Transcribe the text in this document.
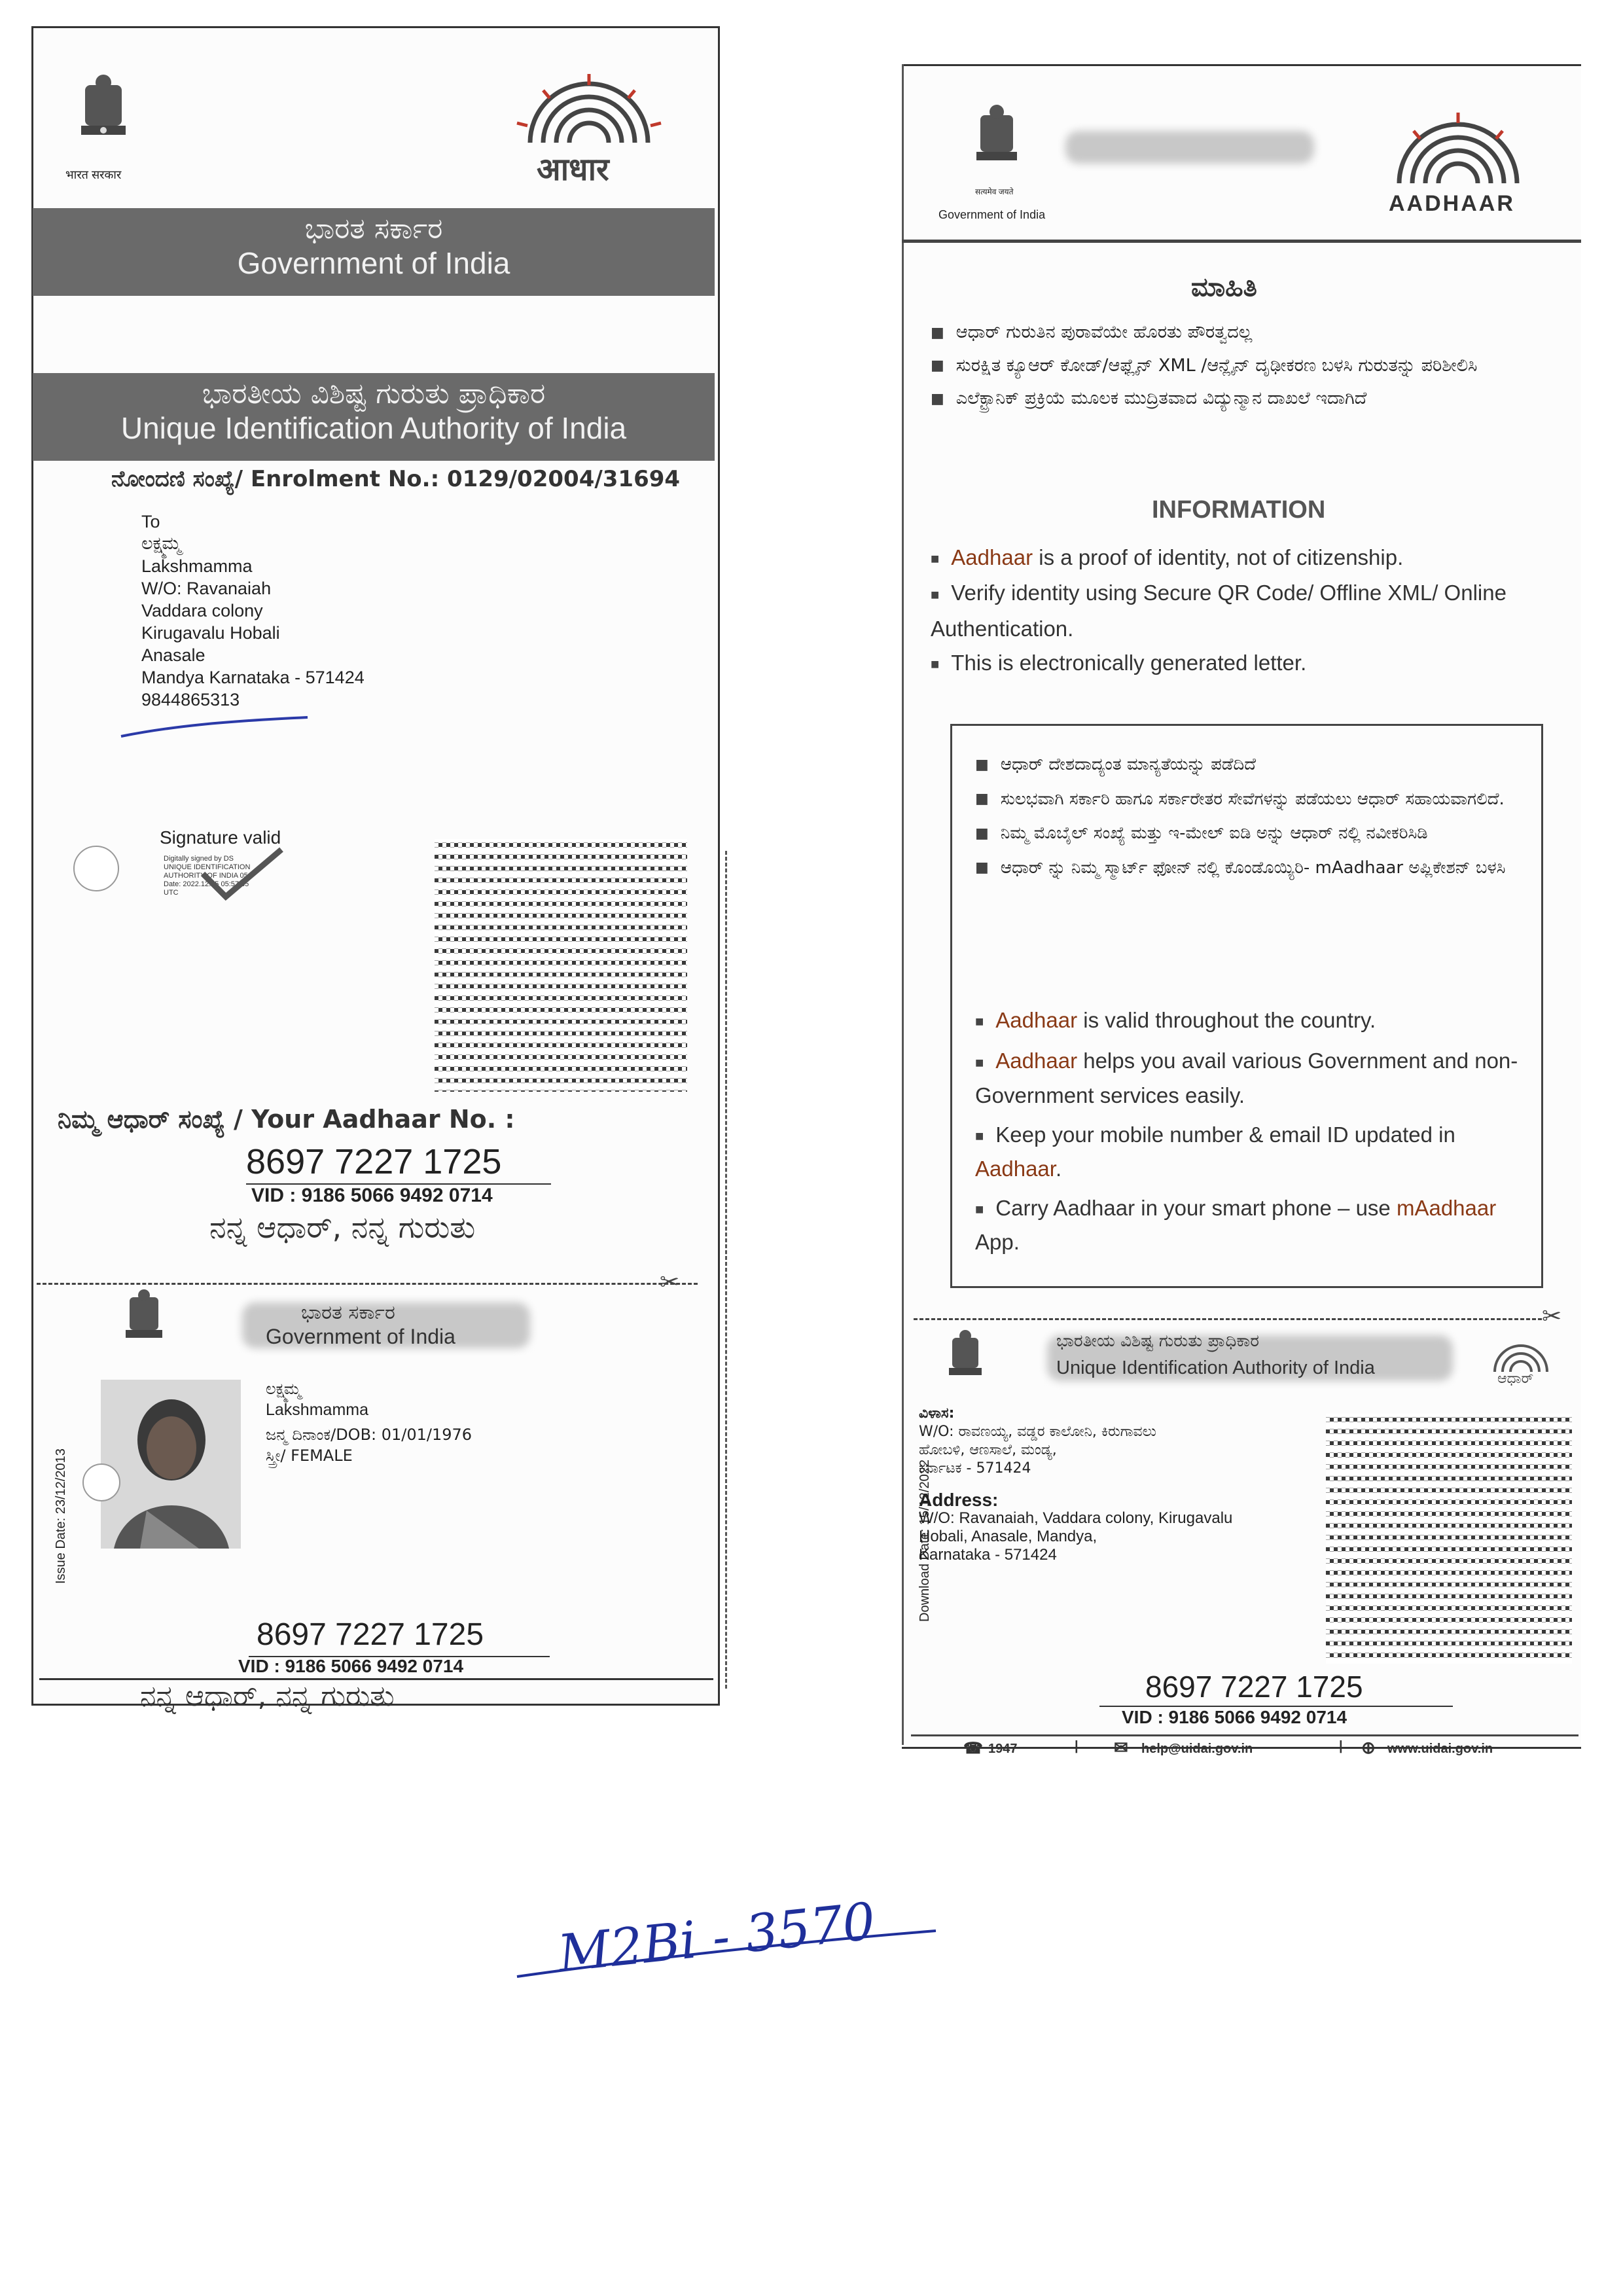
भारत सरकार	आधार
ಭಾರತ ಸರ್ಕಾರ
Government of India
ಭಾರತೀಯ ವಿಶಿಷ್ಟ ಗುರುತು ಪ್ರಾಧಿಕಾರ
Unique Identification Authority of India
ನೋಂದಣಿ ಸಂಖ್ಯೆ/ Enrolment No.: 0129/02004/31694
To
ಲಕ್ಷ್ಮಮ್ಮ
Lakshmamma
W/O: Ravanaiah
Vaddara colony
Kirugavalu Hobali
Anasale
Mandya Karnataka - 571424
9844865313
Signature valid
Digitally signed by DS
UNIQUE IDENTIFICATION
AUTHORITY OF INDIA 05
Date: 2022.12.15 05:57:35
UTC
ನಿಮ್ಮ ಆಧಾರ್ ಸಂಖ್ಯೆ / Your Aadhaar No. :
8697 7227 1725
VID : 9186 5066 9492 0714
ನನ್ನ ಆಧಾರ್, ನನ್ನ ಗುರುತು
✂
ಭಾರತ ಸರ್ಕಾರ
Government of India
Issue Date: 23/12/2013
ಲಕ್ಷ್ಮಮ್ಮ
Lakshmamma
ಜನ್ಮ ದಿನಾಂಕ/DOB: 01/01/1976
ಸ್ತ್ರೀ/ FEMALE
8697 7227 1725
VID : 9186 5066 9492 0714
ನನ್ನ ಆಧಾರ್, ನನ್ನ ಗುರುತು
सत्यमेव जयते
Government of India	AADHAAR
ಮಾಹಿತಿ
■ ಆಧಾರ್ ಗುರುತಿನ ಪುರಾವೆಯೇ ಹೊರತು ಪೌರತ್ವದಲ್ಲ
■ ಸುರಕ್ಷಿತ ಕ್ಯೂಆರ್ ಕೋಡ್/ಆಫ್ಲೈನ್ XML /ಆನ್ಲೈನ್ ದೃಢೀಕರಣ ಬಳಸಿ ಗುರುತನ್ನು ಪರಿಶೀಲಿಸಿ
■ ಎಲೆಕ್ಟ್ರಾನಿಕ್ ಪ್ರಕ್ರಿಯೆ ಮೂಲಕ ಮುದ್ರಿತವಾದ ವಿದ್ಯುನ್ಮಾನ ದಾಖಲೆ ಇದಾಗಿದೆ
INFORMATION
■ Aadhaar is a proof of identity, not of citizenship.
■ Verify identity using Secure QR Code/ Offline XML/ Online Authentication.
■ This is electronically generated letter.
■ ಆಧಾರ್ ದೇಶದಾದ್ಯಂತ ಮಾನ್ಯತೆಯನ್ನು ಪಡೆದಿದೆ
■ ಸುಲಭವಾಗಿ ಸರ್ಕಾರಿ ಹಾಗೂ ಸರ್ಕಾರೇತರ ಸೇವೆಗಳನ್ನು ಪಡೆಯಲು ಆಧಾರ್ ಸಹಾಯವಾಗಲಿದೆ.
■ ನಿಮ್ಮ ಮೊಬೈಲ್ ಸಂಖ್ಯೆ ಮತ್ತು ಇ-ಮೇಲ್ ಐಡಿ ಅನ್ನು ಆಧಾರ್ ನಲ್ಲಿ ನವೀಕರಿಸಿಡಿ
■ ಆಧಾರ್ ನ್ನು ನಿಮ್ಮ ಸ್ಮಾರ್ಟ್ ಫೋನ್ ನಲ್ಲಿ ಕೊಂಡೊಯ್ಯಿರಿ- mAadhaar ಅಪ್ಲಿಕೇಶನ್ ಬಳಸಿ
■ Aadhaar is valid throughout the country.
■ Aadhaar helps you avail various Government and non-Government services easily.
■ Keep your mobile number & email ID updated in Aadhaar.
■ Carry Aadhaar in your smart phone – use mAadhaar App.
✂
ಭಾರತೀಯ ವಿಶಿಷ್ಟ ಗುರುತು ಪ್ರಾಧಿಕಾರ
Unique Identification Authority of India
ಆಧಾರ್
Download Date: 15/12/2022
ವಿಳಾಸ:
W/O: ರಾವಣಯ್ಯ, ವಡ್ಡರ ಕಾಲೋನಿ, ಕಿರುಗಾವಲು
ಹೋಬಳಿ, ಆಣಸಾಲೆ, ಮಂಡ್ಯ,
ಕರ್ನಾಟಕ - 571424
Address:
W/O: Ravanaiah, Vaddara colony, Kirugavalu
Hobali, Anasale, Mandya,
Karnataka - 571424
8697 7227 1725
VID : 9186 5066 9492 0714
☎ 1947	| ✉ help@uidai.gov.in	| ⊕ www.uidai.gov.in
M2Bi - 3570
